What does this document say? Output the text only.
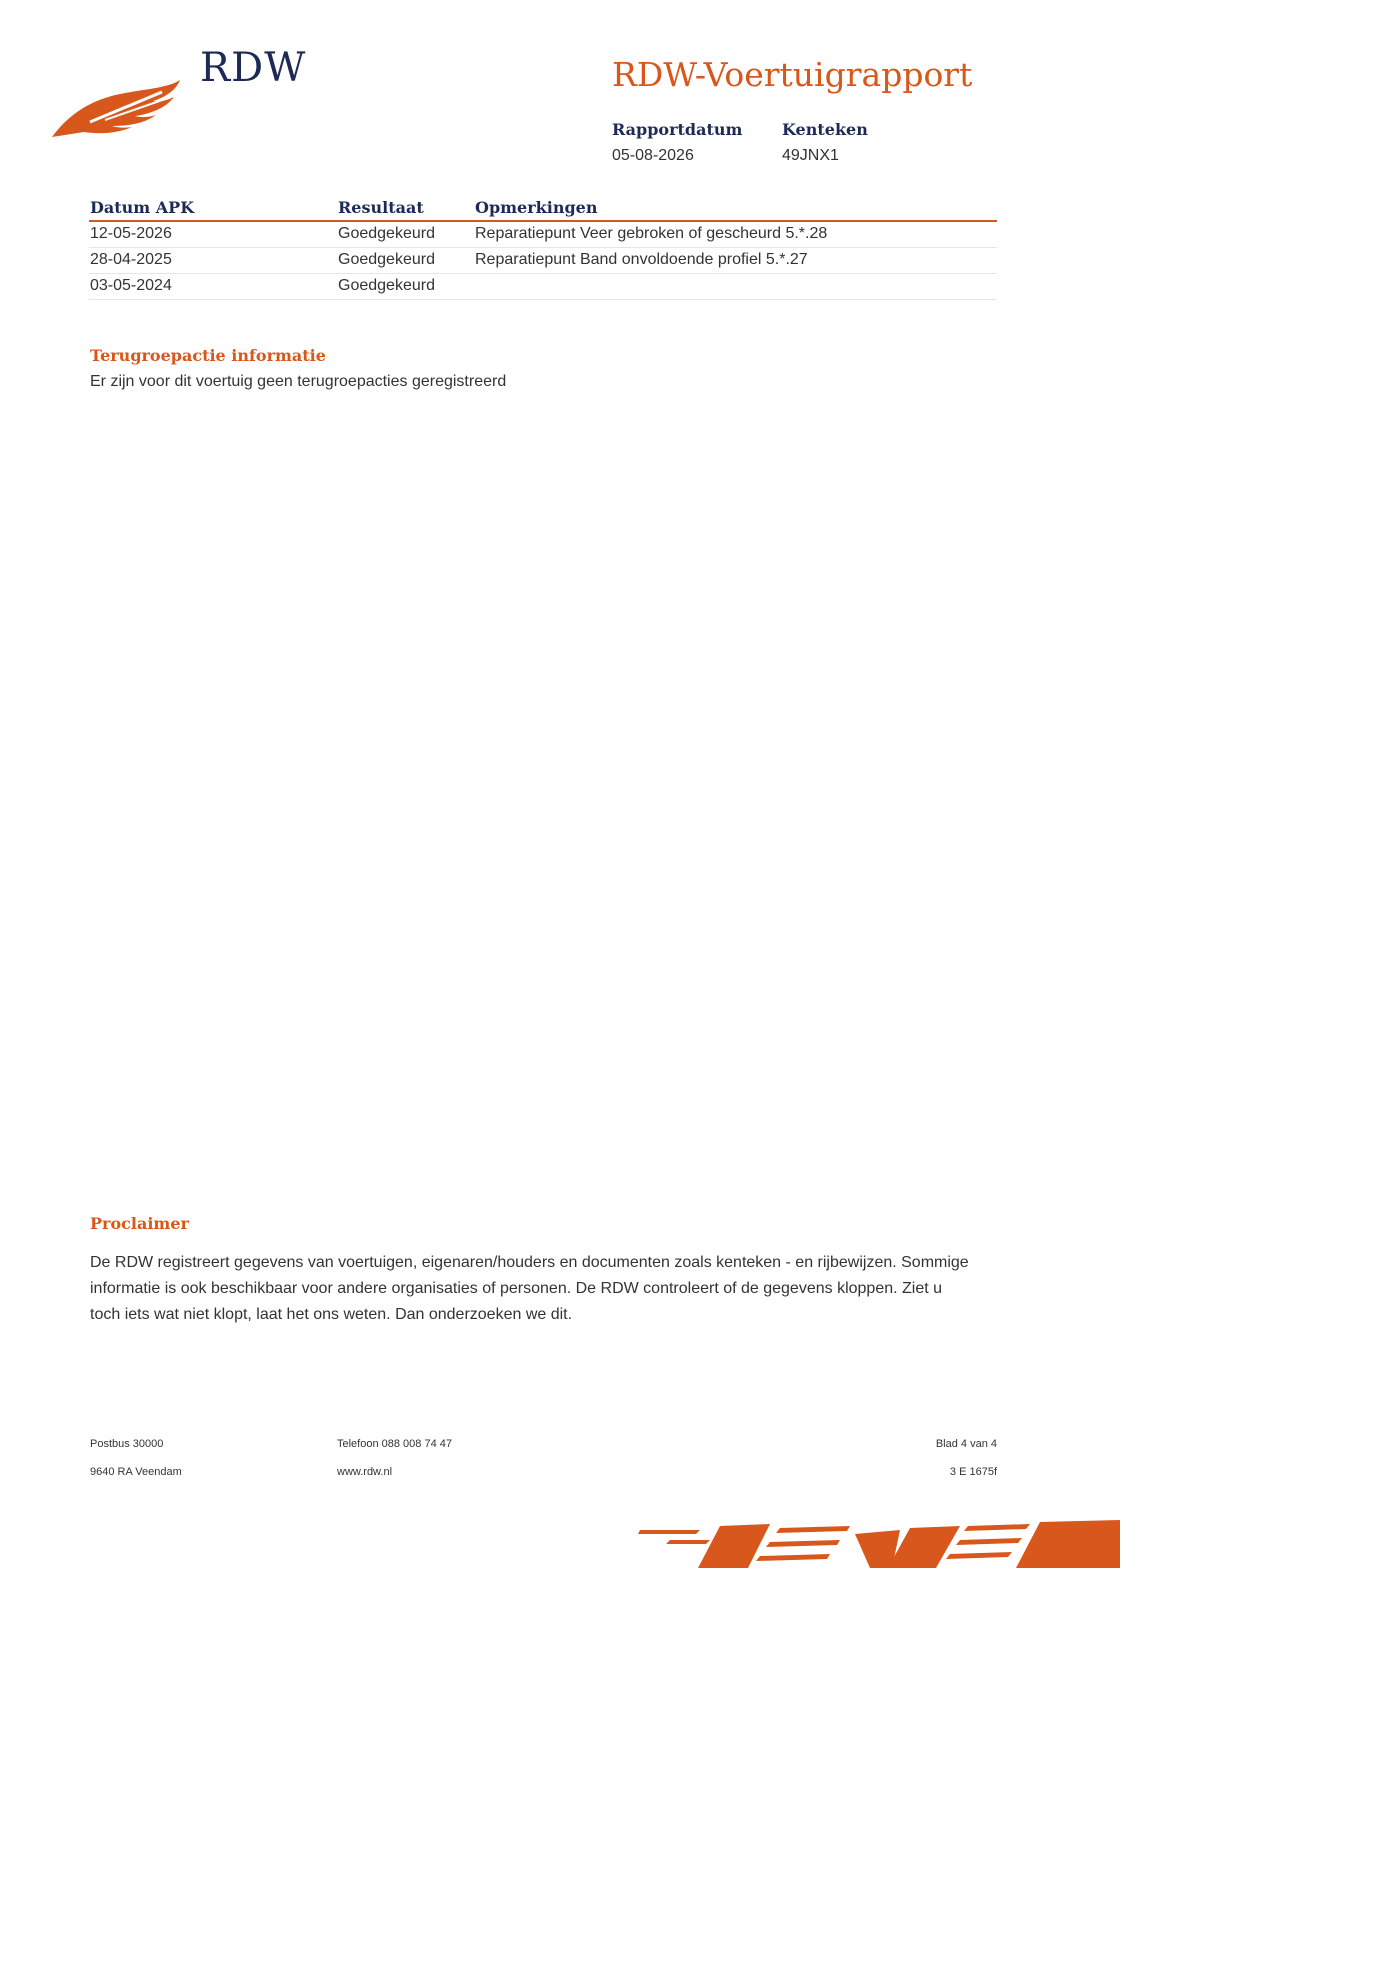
RDW	RDW-Voertuigrapport
Rapportdatum
05-08-2026
Kenteken
49JNX1
Datum APK	Resultaat	Opmerkingen
12-05-2026	Goedgekeurd	Reparatiepunt Veer gebroken of gescheurd 5.*.28
28-04-2025	Goedgekeurd	Reparatiepunt Band onvoldoende profiel 5.*.27
03-05-2024	Goedgekeurd	
Terugroepactie informatie
Er zijn voor dit voertuig geen terugroepacties geregistreerd
Proclaimer
De RDW registreert gegevens van voertuigen, eigenaren/houders en documenten zoals kenteken - en rijbewijzen. Sommige informatie is ook beschikbaar voor andere organisaties of personen. De RDW controleert of de gegevens kloppen. Ziet u toch iets wat niet klopt, laat het ons weten. Dan onderzoeken we dit.
Postbus 30000
9640 RA Veendam
Telefoon 088 008 74 47
www.rdw.nl
Blad 4 van 4
3 E 1675f
